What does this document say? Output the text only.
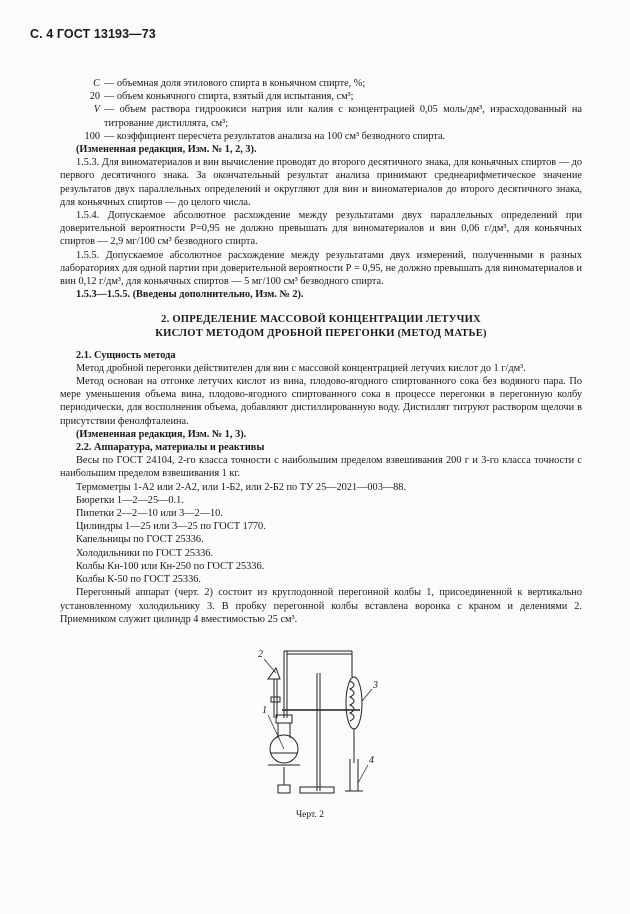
С. 4 ГОСТ 13193—73
С — объемная доля этилового спирта в коньячном спирте, %;
20 — объем коньячного спирта, взятый для испытания, см³;
V — объем раствора гидроокиси натрия или калия с концентрацией 0,05 моль/дм³, израсходованный на титрование дистиллята, см³;
100 — коэффициент пересчета результатов анализа на 100 см³ безводного спирта.

(Измененная редакция, Изм. № 1, 2, 3).

1.5.3. Для виноматериалов и вин вычисление проводят до второго десятичного знака, для коньячных спиртов — до первого десятичного знака. За окончательный результат анализа принимают среднеарифметическое значение результатов двух параллельных определений и округляют для вин и виноматериалов до второго десятичного знака, для коньячных спиртов — до целого числа.

1.5.4. Допускаемое абсолютное расхождение между результатами двух параллельных определений при доверительной вероятности Р=0,95 не должно превышать для виноматериалов и вин 0,06 г/дм³, для коньячных спиртов — 2,9 мг/100 см³ безводного спирта.

1.5.5. Допускаемое абсолютное расхождение между результатами двух измерений, полученными в разных лабораториях для одной партии при доверительной вероятности Р = 0,95, не должно превышать для виноматериалов и вин 0,12 г/дм³, для коньячных спиртов — 5 мг/100 см³ безводного спирта.

1.5.3—1.5.5. (Введены дополнительно, Изм. № 2).

2. ОПРЕДЕЛЕНИЕ МАССОВОЙ КОНЦЕНТРАЦИИ ЛЕТУЧИХ
КИСЛОТ МЕТОДОМ ДРОБНОЙ ПЕРЕГОНКИ (МЕТОД МАТЬЕ)

2.1. Сущность метода

Метод дробной перегонки действителен для вин с массовой концентрацией летучих кислот до 1 г/дм³.

Метод основан на отгонке летучих кислот из вина, плодово-ягодного спиртованного сока без водяного пара. По мере уменьшения объема вина, плодово-ягодного спиртованного сока в процессе перегонки в перегонную колбу периодически, для восполнения объема, добавляют дистиллированную воду. Дистиллят титруют раствором щелочи в присутствии фенолфталеина.

(Измененная редакция, Изм. № 1, 3).

2.2. Аппаратура, материалы и реактивы

Весы по ГОСТ 24104, 2-го класса точности с наибольшим пределом взвешивания 200 г и 3-го класса точности с наибольшим пределом взвешивания 1 кг.

Термометры 1-А2 или 2-А2, или 1-Б2, или 2-Б2 по ТУ 25—2021—003—88.

Бюретки 1—2—25—0.1.

Пипетки 2—2—10 или 3—2—10.

Цилиндры 1—25 или 3—25 по ГОСТ 1770.

Капельницы по ГОСТ 25336.

Холодильники по ГОСТ 25336.

Колбы Кн-100 или Кн-250 по ГОСТ 25336.

Колбы К-50 по ГОСТ 25336.

Перегонный аппарат (черт. 2) состоит из круглодонной перегонной колбы 1, присоединенной к вертикально установленному холодильнику 3. В пробку перегонной колбы вставлена воронка с краном и делениями 2. Приемником служит цилиндр 4 вместимостью 25 см³.

1
2
3
4
Черт. 2
